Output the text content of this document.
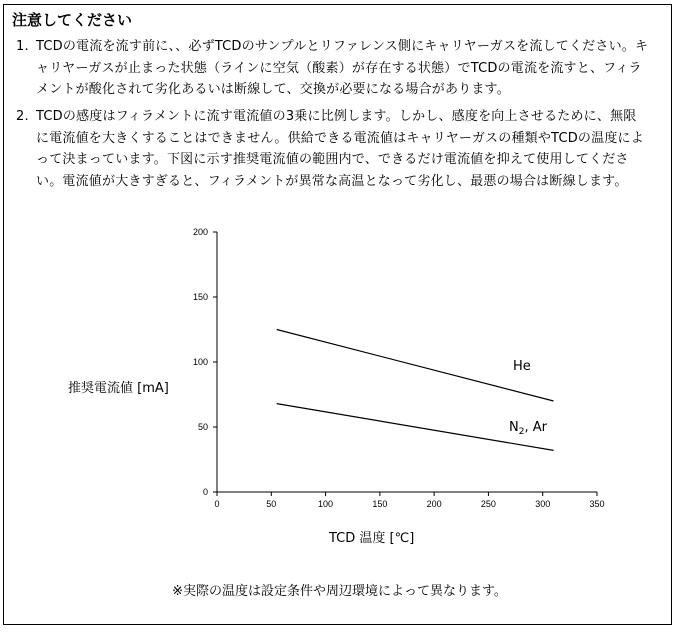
注意してください
1. TCDの電流を流す前に、、必ずTCDのサンプルとリファレンス側にキャリヤーガスを流してください。キャリヤーガスが止まった状態（ラインに空気（酸素）が存在する状態）でTCDの電流を流すと、フィラメントが酸化されて劣化あるいは断線して、交換が必要になる場合があります。
2. TCDの感度はフィラメントに流す電流値の3乗に比例します。しかし、感度を向上させるために、無限に電流値を大きくすることはできません。供給できる電流値はキャリヤーガスの種類やTCDの温度によって決まっています。下図に示す推奨電流値の範囲内で、できるだけ電流値を抑えて使用してください。電流値が大きすぎると、フィラメントが異常な高温となって劣化し、最悪の場合は断線します。
0	50	100	150	200	250	300	350
0
50
100
150
200
推奨電流値 [mA]
TCD 温度 [℃]
He
$N_2$, Ar
※実際の温度は設定条件や周辺環境によって異なります。
